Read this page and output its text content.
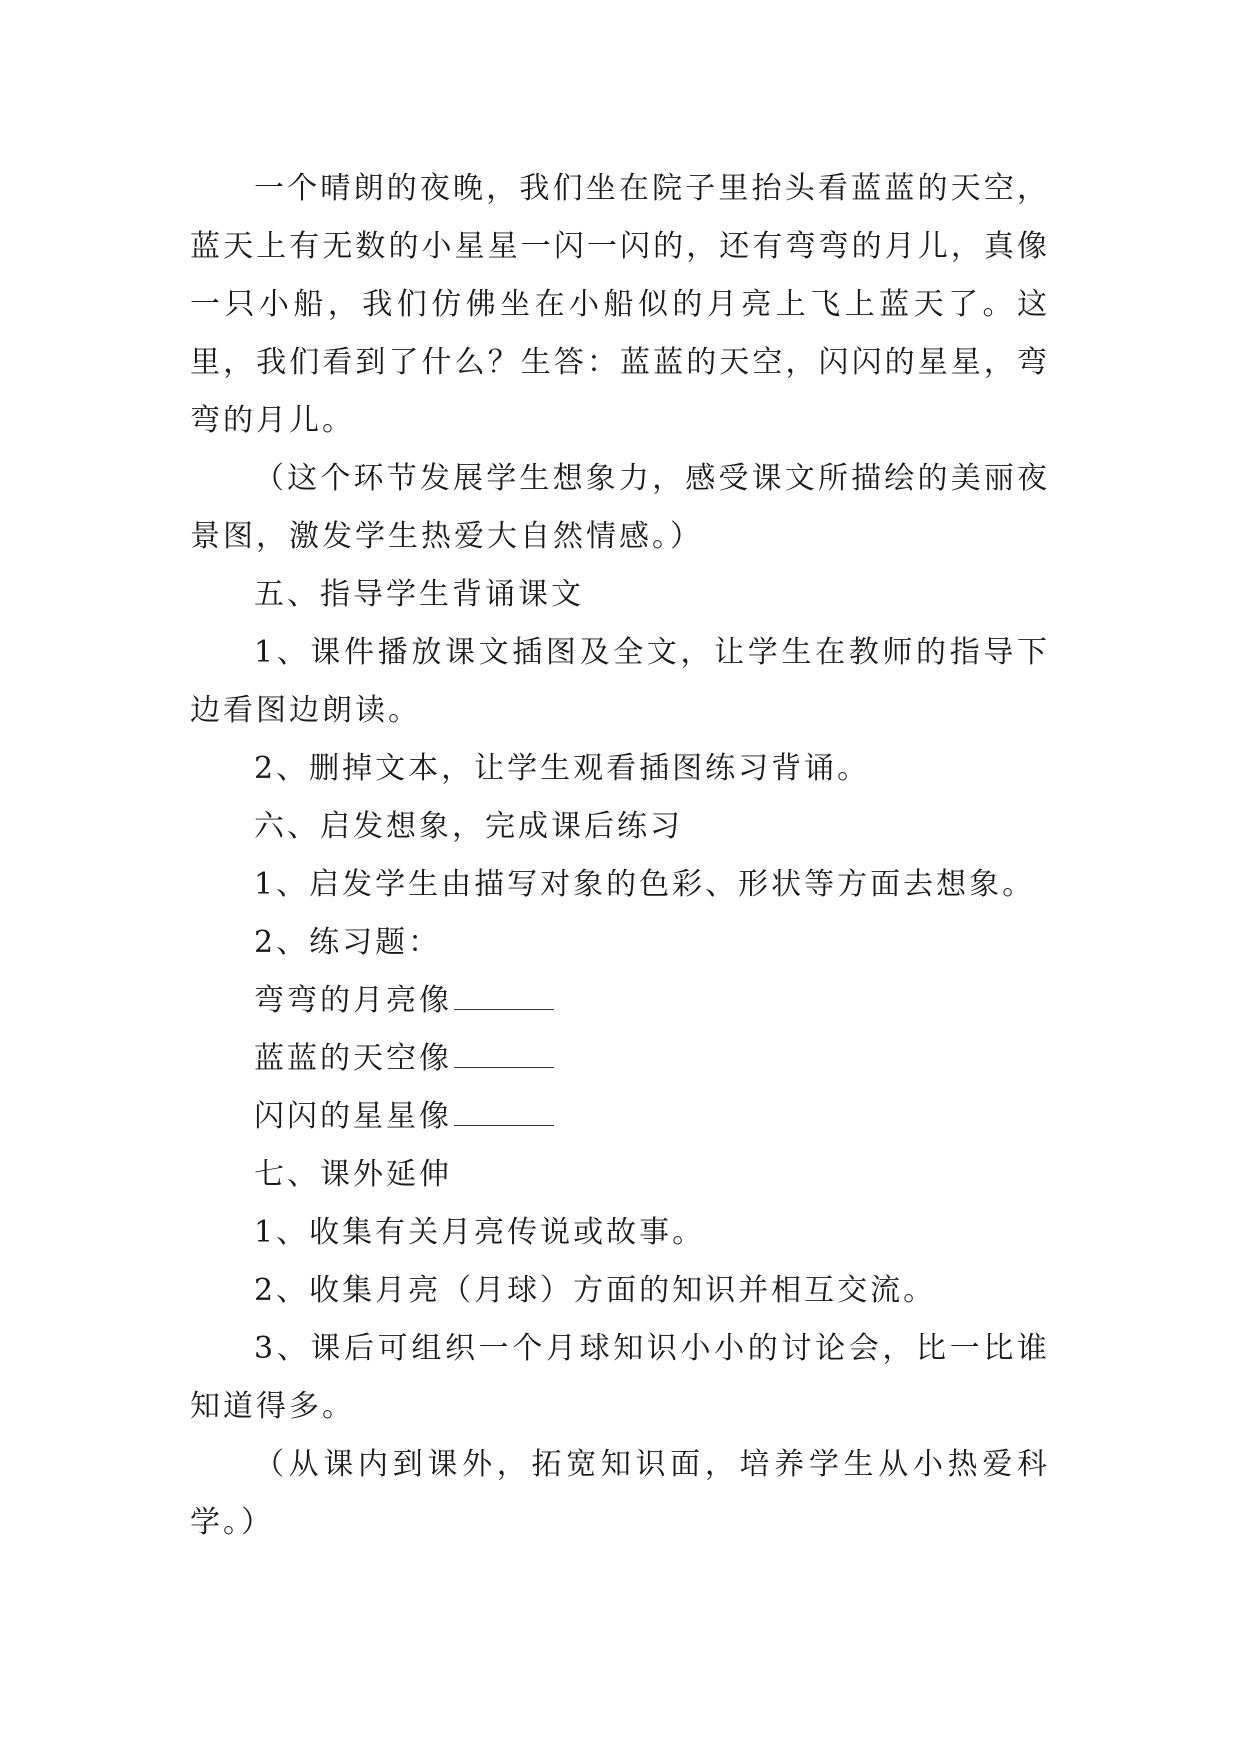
一个晴朗的夜晚，我们坐在院子里抬头看蓝蓝的天空，蓝天上有无数的小星星一闪一闪的，还有弯弯的月儿，真像一只小船，我们仿佛坐在小船似的月亮上飞上蓝天了。这里，我们看到了什么？生答：蓝蓝的天空，闪闪的星星，弯弯的月儿。

（这个环节发展学生想象力，感受课文所描绘的美丽夜景图，激发学生热爱大自然情感。）

五、指导学生背诵课文

1、课件播放课文插图及全文，让学生在教师的指导下边看图边朗读。

2、删掉文本，让学生观看插图练习背诵。

六、启发想象，完成课后练习

1、启发学生由描写对象的色彩、形状等方面去想象。

2、练习题：

弯弯的月亮像

蓝蓝的天空像

闪闪的星星像

七、课外延伸

1、收集有关月亮传说或故事。

2、收集月亮（月球）方面的知识并相互交流。

3、课后可组织一个月球知识小小的讨论会，比一比谁知道得多。

（从课内到课外，拓宽知识面，培养学生从小热爱科学。）
